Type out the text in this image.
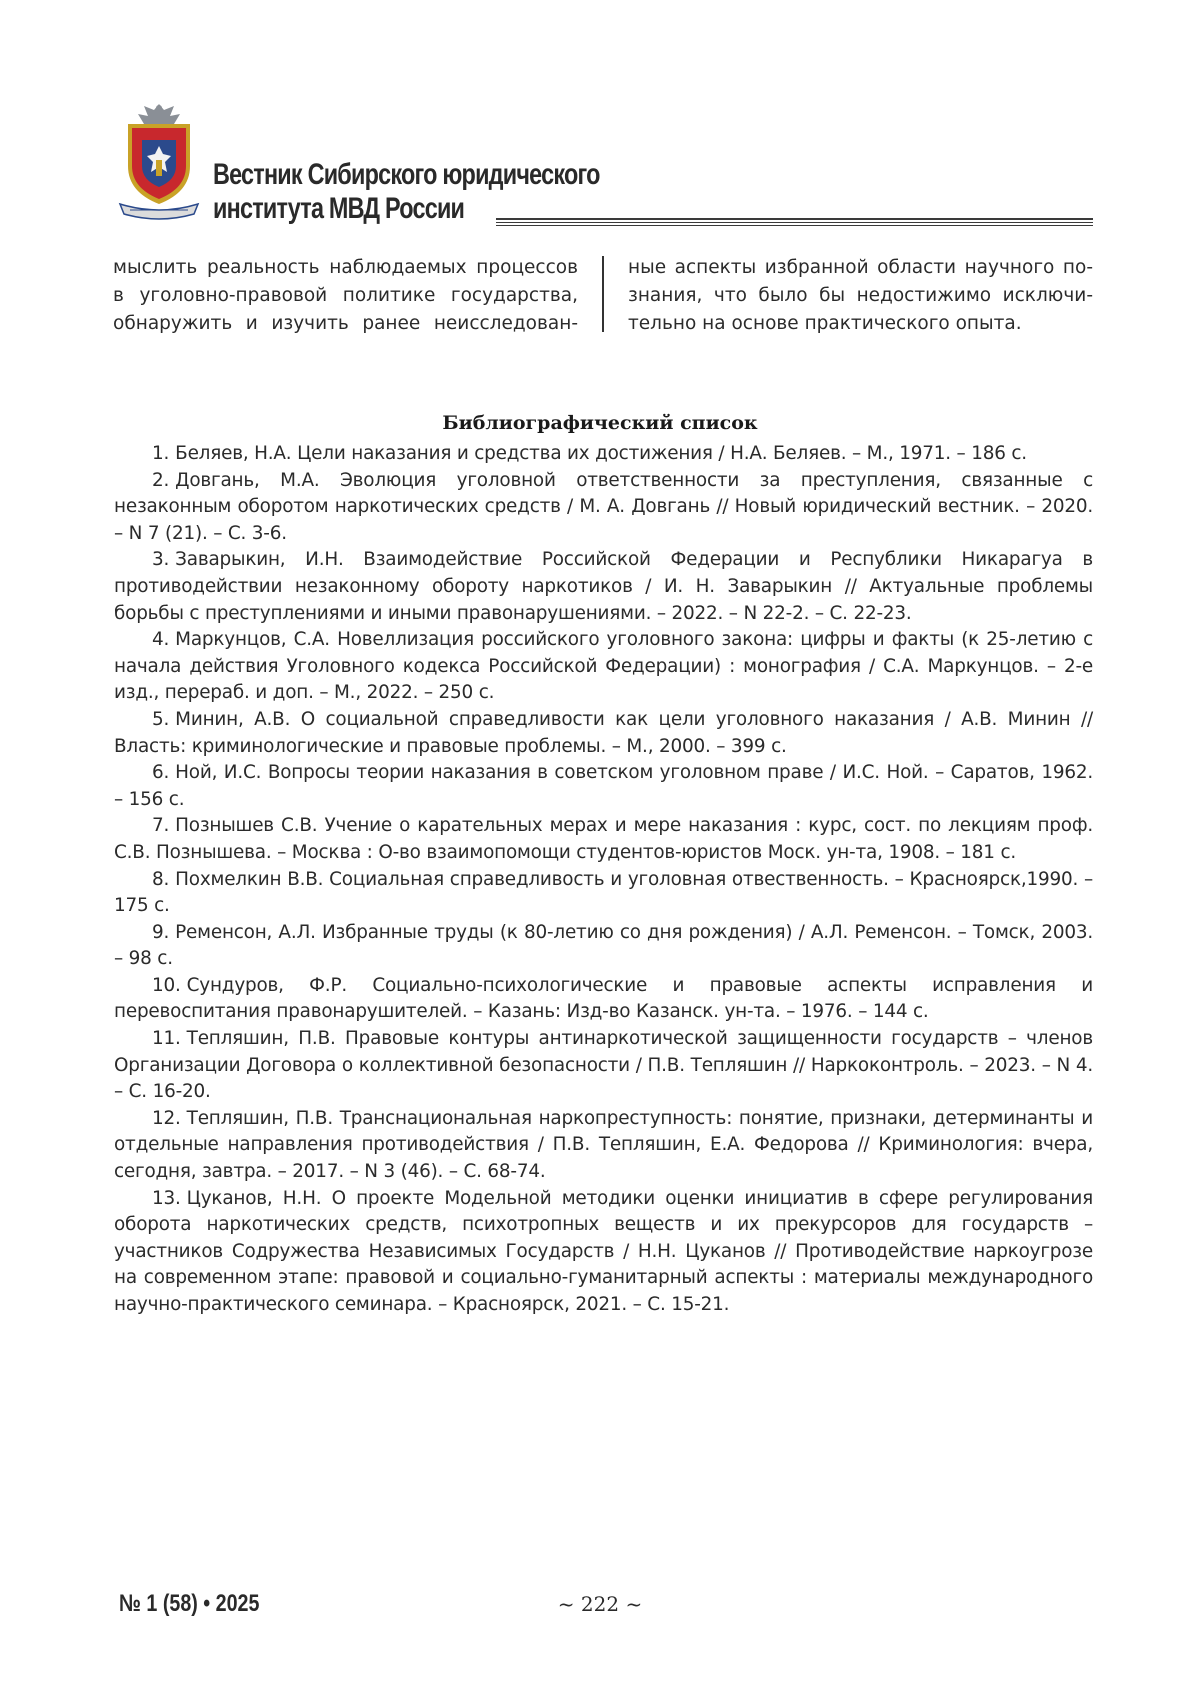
Вестник Сибирского юридического
института МВД России
мыслить реальность наблюдаемых процессов
в уголовно-правовой политике государства,
обнаружить и изучить ранее неисследован-
ные аспекты избранной области научного по-
знания, что было бы недостижимо исключи-
тельно на основе практического опыта.
Библиографический список

1. Беляев, Н.А. Цели наказания и средства их достижения / Н.А. Беляев. – М., 1971. – 186 с.

2. Довгань, М.А. Эволюция уголовной ответственности за преступления, связанные с незаконным оборотом наркотических средств / М. А. Довгань // Новый юридический вестник. – 2020. – N 7 (21). – С. 3-6.

3. Заварыкин, И.Н. Взаимодействие Российской Федерации и Республики Никарагуа в противодействии незаконному обороту наркотиков / И. Н. Заварыкин // Актуальные проблемы борьбы с преступлениями и иными правонарушениями. – 2022. – N 22-2. – С. 22-23.

4. Маркунцов, С.А. Новеллизация российского уголовного закона: цифры и факты (к 25-летию с начала действия Уголовного кодекса Российской Федерации) : монография / С.А. Маркунцов. – 2-е изд., перераб. и доп. – М., 2022. – 250 с.

5. Минин, А.В. О социальной справедливости как цели уголовного наказания / А.В. Минин // Власть: криминологические и правовые проблемы. – М., 2000. – 399 с.

6. Ной, И.С. Вопросы теории наказания в советском уголовном праве / И.С. Ной. – Саратов, 1962. – 156 с.

7. Познышев С.В. Учение о карательных мерах и мере наказания : курс, сост. по лекциям проф. С.В. Познышева. – Москва : О-во взаимопомощи студентов-юристов Моск. ун-та, 1908. – 181 с.

8. Похмелкин В.В. Социальная справедливость и уголовная отвественность. – Красноярск,1990. – 175 с.

9. Ременсон, А.Л. Избранные труды (к 80-летию со дня рождения) / А.Л. Ременсон. – Томск, 2003. – 98 с.

10. Сундуров, Ф.Р. Социально-психологические и правовые аспекты исправления и перевоспитания правонарушителей. – Казань: Изд-во Казанск. ун-та. – 1976. – 144 с.

11. Тепляшин, П.В. Правовые контуры антинаркотической защищенности государств – членов Организации Договора о коллективной безопасности / П.В. Тепляшин // Наркоконтроль. – 2023. – N 4. – С. 16-20.

12. Тепляшин, П.В. Транснациональная наркопреступность: понятие, признаки, детерминанты и отдельные направления противодействия / П.В. Тепляшин, Е.А. Федорова // Криминология: вчера, сегодня, завтра. – 2017. – N 3 (46). – С. 68-74.

13. Цуканов, Н.Н. О проекте Модельной методики оценки инициатив в сфере регулирования оборота наркотических средств, психотропных веществ и их прекурсоров для государств – участников Содружества Независимых Государств / Н.Н. Цуканов // Противодействие наркоугрозе на современном этапе: правовой и социально-гуманитарный аспекты : материалы международного научно-практического семинара. – Красноярск, 2021. – С. 15-21.

№ 1 (58) • 2025	~ 222 ~
